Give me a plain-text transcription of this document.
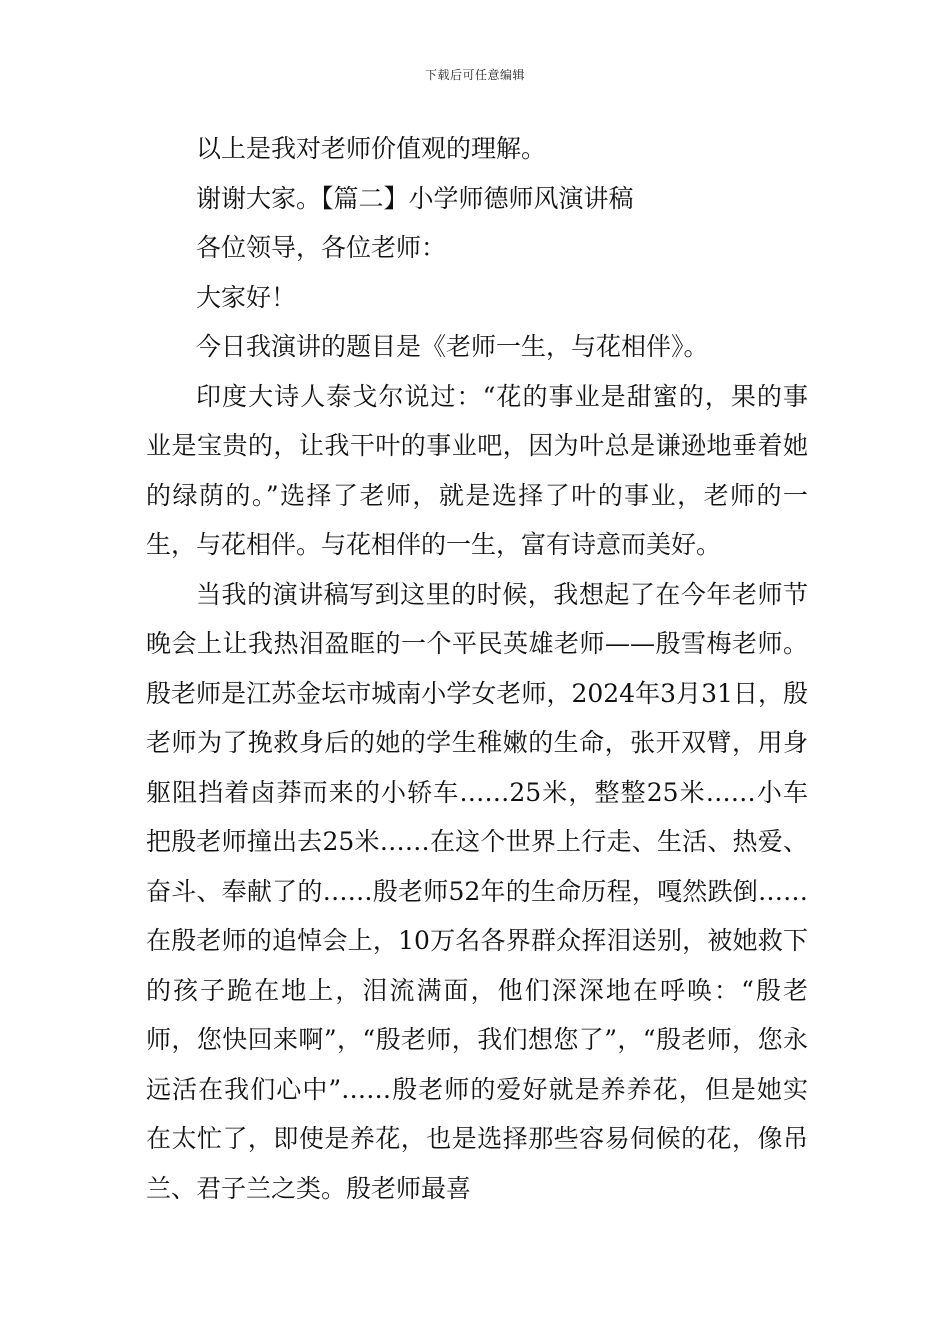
下载后可任意编辑

以上是我对老师价值观的理解。

谢谢大家。【篇二】小学师德师风演讲稿

各位领导，各位老师：

大家好！

今日我演讲的题目是《老师一生，与花相伴》。

印度大诗人泰戈尔说过：“花的事业是甜蜜的，果的事业是宝贵的，让我干叶的事业吧，因为叶总是谦逊地垂着她的绿荫的。”选择了老师，就是选择了叶的事业，老师的一生，与花相伴。与花相伴的一生，富有诗意而美好。

当我的演讲稿写到这里的时候，我想起了在今年老师节晚会上让我热泪盈眶的一个平民英雄老师——殷雪梅老师。殷老师是江苏金坛市城南小学女老师，2024年3月31日，殷老师为了挽救身后的她的学生稚嫩的生命，张开双臂，用身躯阻挡着卤莽而来的小轿车……25米，整整25米……小车把殷老师撞出去25米……在这个世界上行走、生活、热爱、奋斗、奉献了的……殷老师52年的生命历程，嘎然跌倒……在殷老师的追悼会上，10万名各界群众挥泪送别，被她救下的孩子跪在地上，泪流满面，他们深深地在呼唤：“殷老师，您快回来啊”，“殷老师，我们想您了”，“殷老师，您永远活在我们心中”……殷老师的爱好就是养养花，但是她实在太忙了，即使是养花，也是选择那些容易伺候的花，像吊兰、君子兰之类。殷老师最喜
